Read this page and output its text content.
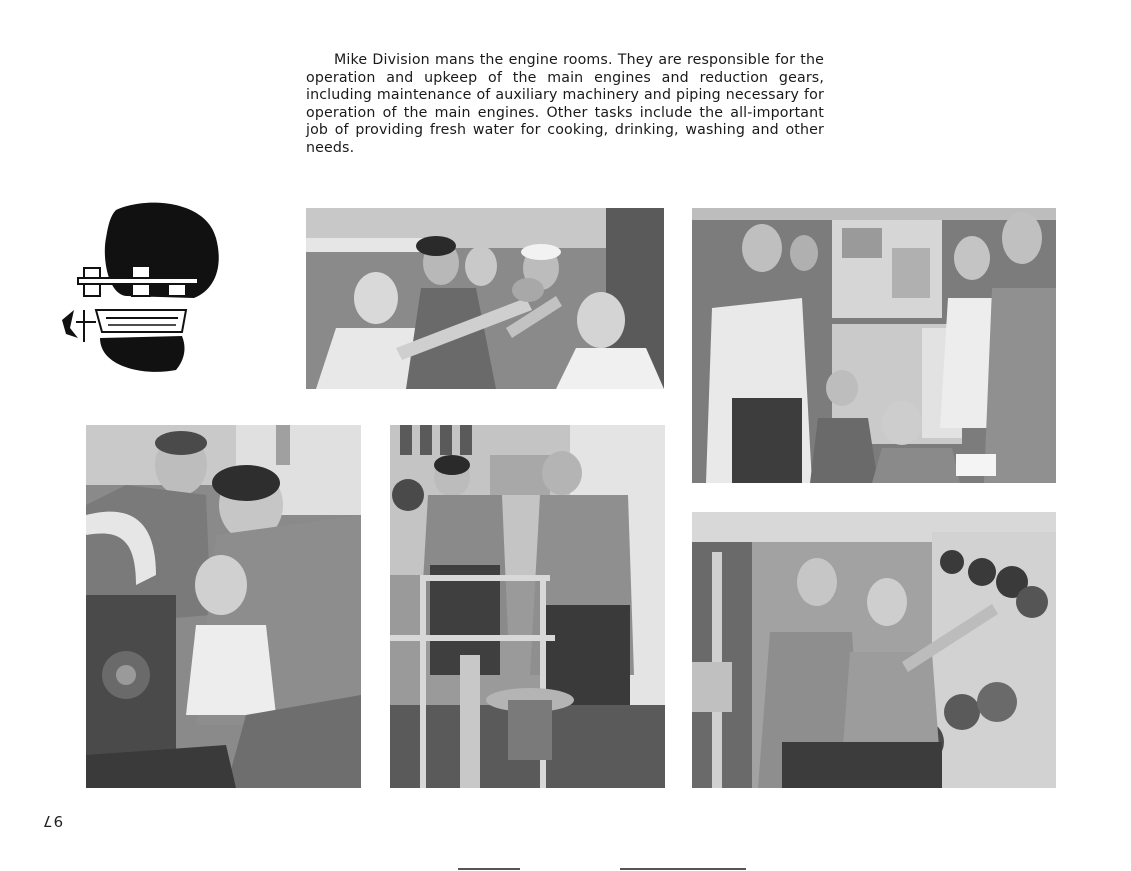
Mike Division mans the engine rooms. They are responsible for the operation and upkeep of the main engines and reduction gears, including maintenance of auxiliary machinery and piping necessary for operation of the main engines. Other tasks include the all-important job of providing fresh water for cooking, drinking, washing and other needs.

97
